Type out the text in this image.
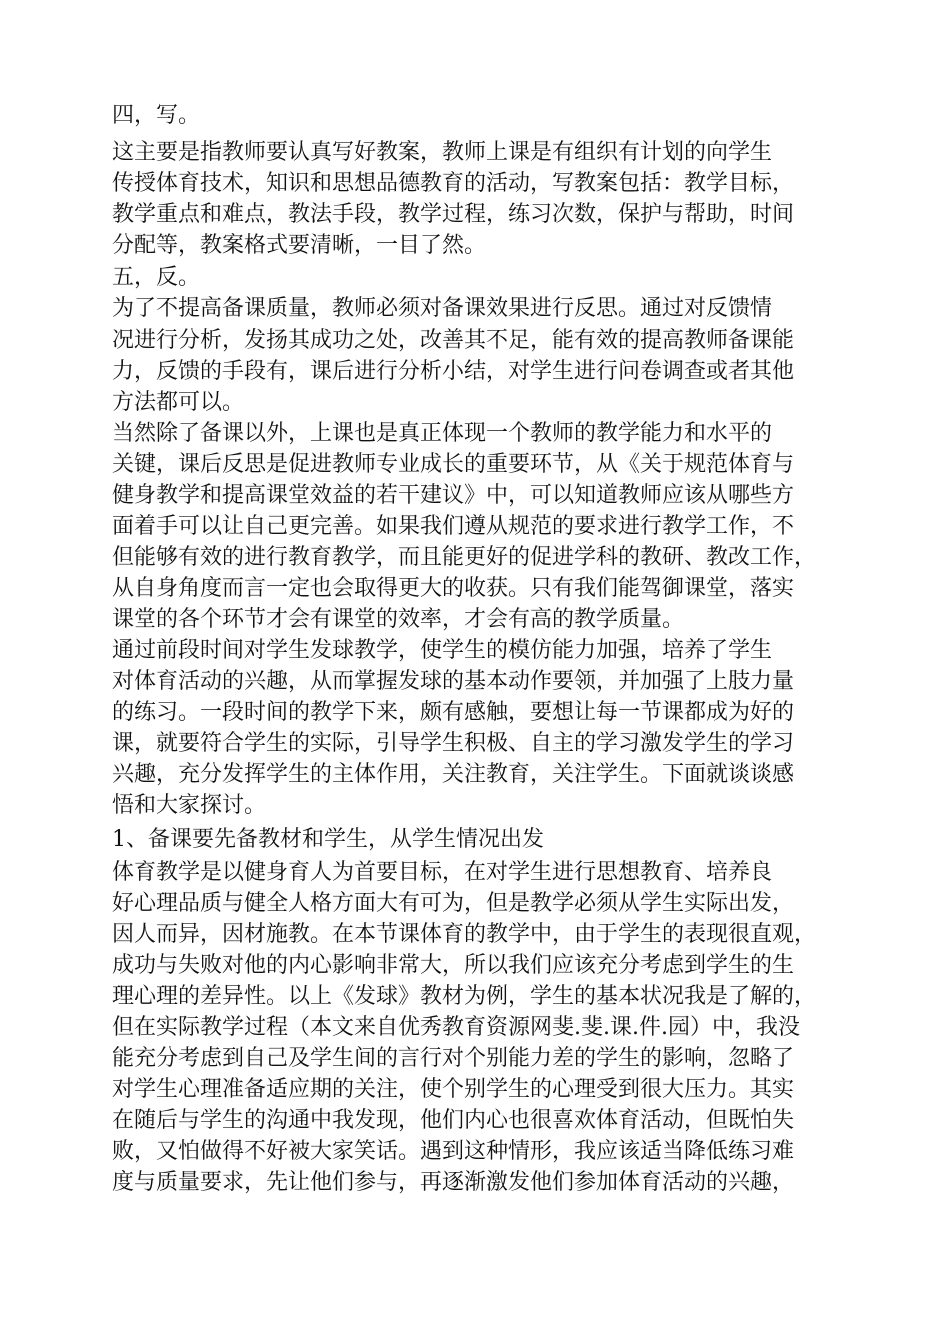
四，写。
这主要是指教师要认真写好教案，教师上课是有组织有计划的向学生
传授体育技术，知识和思想品德教育的活动，写教案包括：教学目标，
教学重点和难点，教法手段，教学过程，练习次数，保护与帮助，时间
分配等，教案格式要清晰，一目了然。
五，反。
为了不提高备课质量，教师必须对备课效果进行反思。通过对反馈情
况进行分析，发扬其成功之处，改善其不足，能有效的提高教师备课能
力，反馈的手段有，课后进行分析小结，对学生进行问卷调查或者其他
方法都可以。
当然除了备课以外，上课也是真正体现一个教师的教学能力和水平的
关键，课后反思是促进教师专业成长的重要环节，从《关于规范体育与
健身教学和提高课堂效益的若干建议》中，可以知道教师应该从哪些方
面着手可以让自己更完善。如果我们遵从规范的要求进行教学工作，不
但能够有效的进行教育教学，而且能更好的促进学科的教研、教改工作，
从自身角度而言一定也会取得更大的收获。只有我们能驾御课堂，落实
课堂的各个环节才会有课堂的效率，才会有高的教学质量。
通过前段时间对学生发球教学，使学生的模仿能力加强，培养了学生
对体育活动的兴趣，从而掌握发球的基本动作要领，并加强了上肢力量
的练习。一段时间的教学下来，颇有感触，要想让每一节课都成为好的
课，就要符合学生的实际，引导学生积极、自主的学习激发学生的学习
兴趣，充分发挥学生的主体作用，关注教育，关注学生。下面就谈谈感
悟和大家探讨。
1、备课要先备教材和学生，从学生情况出发
体育教学是以健身育人为首要目标，在对学生进行思想教育、培养良
好心理品质与健全人格方面大有可为，但是教学必须从学生实际出发，
因人而异，因材施教。在本节课体育的教学中，由于学生的表现很直观，
成功与失败对他的内心影响非常大，所以我们应该充分考虑到学生的生
理心理的差异性。以上《发球》教材为例，学生的基本状况我是了解的，
但在实际教学过程（本文来自优秀教育资源网斐.斐.课.件.园）中，我没
能充分考虑到自己及学生间的言行对个别能力差的学生的影响，忽略了
对学生心理准备适应期的关注，使个别学生的心理受到很大压力。其实
在随后与学生的沟通中我发现，他们内心也很喜欢体育活动，但既怕失
败，又怕做得不好被大家笑话。遇到这种情形，我应该适当降低练习难
度与质量要求，先让他们参与，再逐渐激发他们参加体育活动的兴趣，
